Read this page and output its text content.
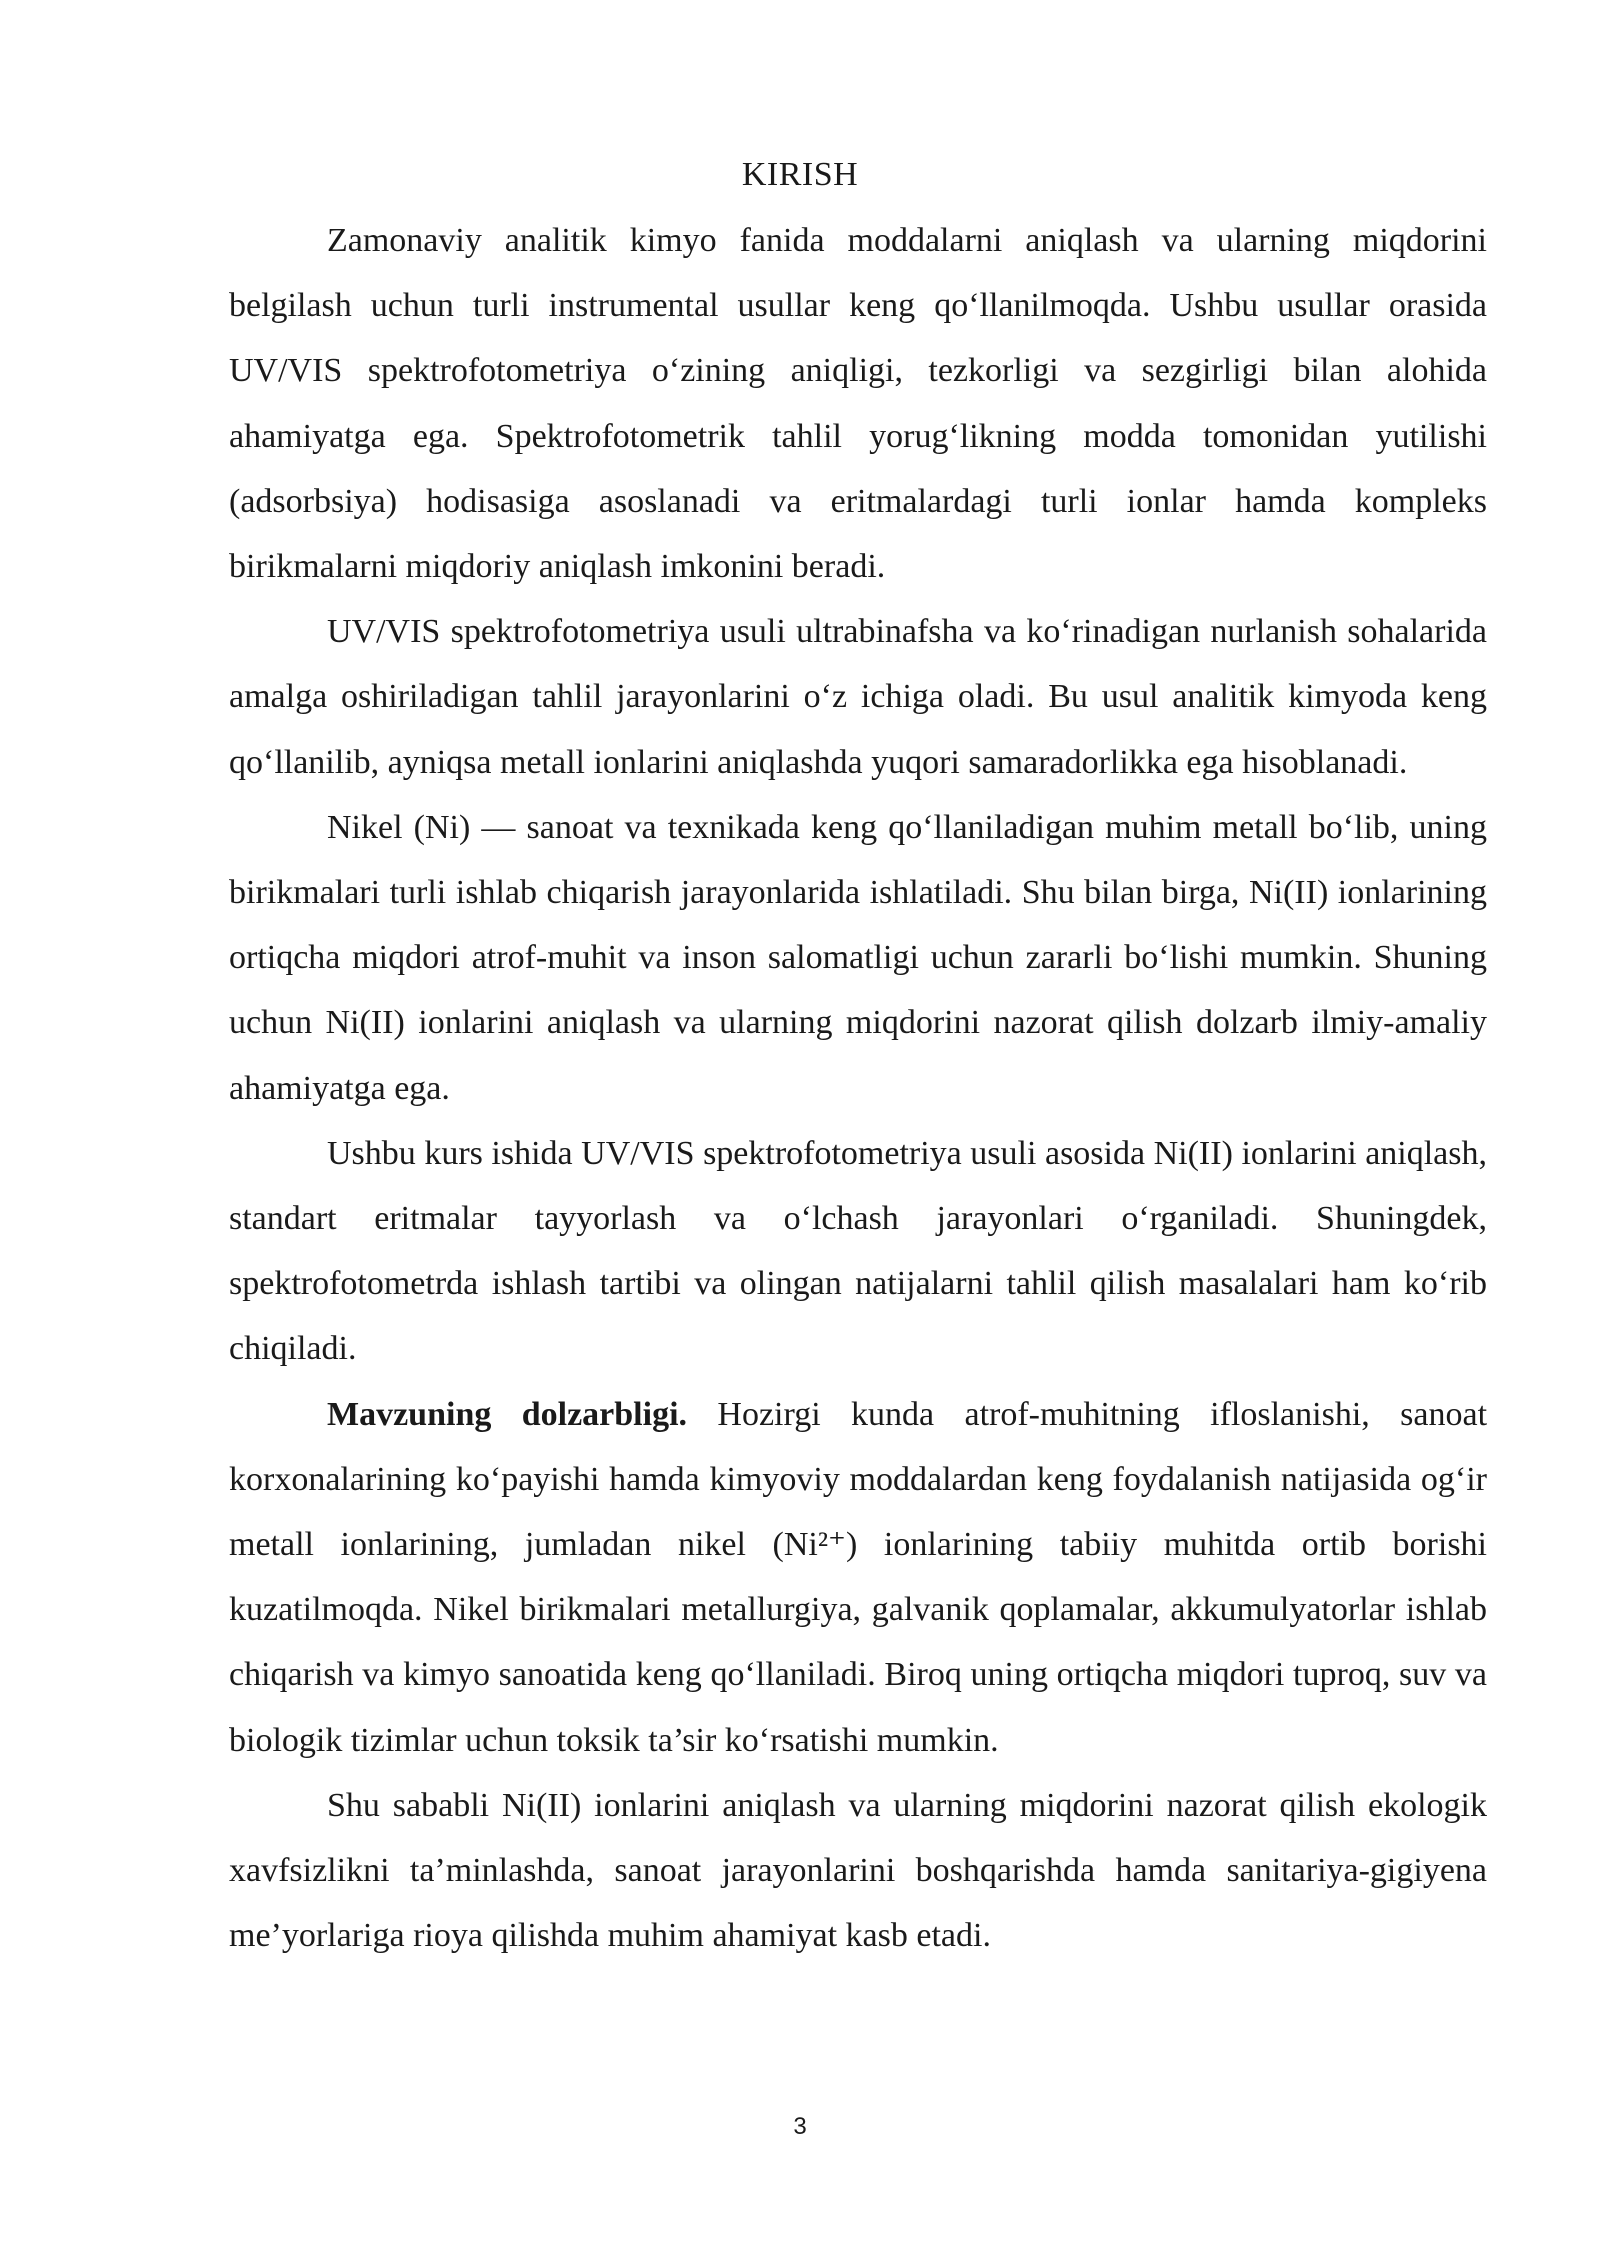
KIRISH

Zamonaviy analitik kimyo fanida moddalarni aniqlash va ularning miqdorini belgilash uchun turli instrumental usullar keng qo‘llanilmoqda. Ushbu usullar orasida UV/VIS spektrofotometriya o‘zining aniqligi, tezkorligi va sezgirligi bilan alohida ahamiyatga ega. Spektrofotometrik tahlil yorug‘likning modda tomonidan yutilishi (adsorbsiya) hodisasiga asoslanadi va eritmalardagi turli ionlar hamda kompleks birikmalarni miqdoriy aniqlash imkonini beradi.

UV/VIS spektrofotometriya usuli ultrabinafsha va ko‘rinadigan nurlanish sohalarida amalga oshiriladigan tahlil jarayonlarini o‘z ichiga oladi. Bu usul analitik kimyoda keng qo‘llanilib, ayniqsa metall ionlarini aniqlashda yuqori samaradorlikka ega hisoblanadi.

Nikel (Ni) — sanoat va texnikada keng qo‘llaniladigan muhim metall bo‘lib, uning birikmalari turli ishlab chiqarish jarayonlarida ishlatiladi. Shu bilan birga, Ni(II) ionlarining ortiqcha miqdori atrof-muhit va inson salomatligi uchun zararli bo‘lishi mumkin. Shuning uchun Ni(II) ionlarini aniqlash va ularning miqdorini nazorat qilish dolzarb ilmiy-amaliy ahamiyatga ega.

Ushbu kurs ishida UV/VIS spektrofotometriya usuli asosida Ni(II) ionlarini aniqlash, standart eritmalar tayyorlash va o‘lchash jarayonlari o‘rganiladi. Shuningdek, spektrofotometrda ishlash tartibi va olingan natijalarni tahlil qilish masalalari ham ko‘rib chiqiladi.

Mavzuning dolzarbligi. Hozirgi kunda atrof-muhitning ifloslanishi, sanoat korxonalarining ko‘payishi hamda kimyoviy moddalardan keng foydalanish natijasida og‘ir metall ionlarining, jumladan nikel (Ni²⁺) ionlarining tabiiy muhitda ortib borishi kuzatilmoqda. Nikel birikmalari metallurgiya, galvanik qoplamalar, akkumulyatorlar ishlab chiqarish va kimyo sanoatida keng qo‘llaniladi. Biroq uning ortiqcha miqdori tuproq, suv va biologik tizimlar uchun toksik ta’sir ko‘rsatishi mumkin.

Shu sababli Ni(II) ionlarini aniqlash va ularning miqdorini nazorat qilish ekologik xavfsizlikni ta’minlashda, sanoat jarayonlarini boshqarishda hamda sanitariya-gigiyena me’yorlariga rioya qilishda muhim ahamiyat kasb etadi.

3
